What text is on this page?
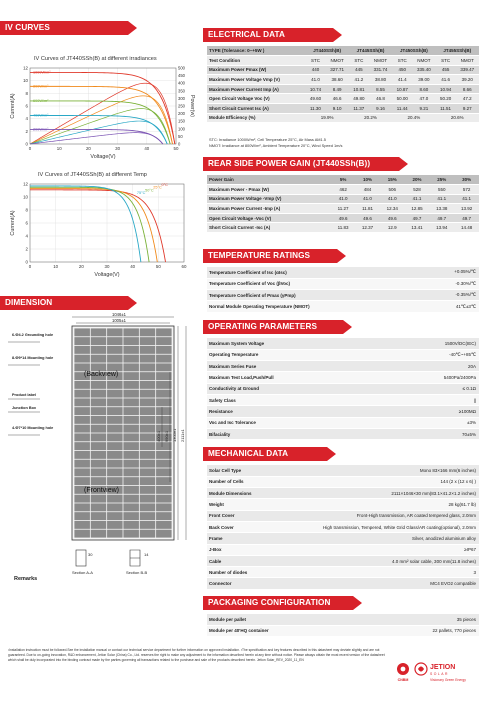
IV CURVES
IV Curves of JT440SSh(B) at different irradiances
0	10	20	30	40	50
0
2
4
6
8
10
12
0
50
100
150
200
250
300
350
400
450
500
Power(w)
Voltage(V)
Current(A)
1000W/m²
800W/m²
600W/m²
400W/m²
200W/m²
IV Curves of JT440SSh(B) at different Temp
0	10	20	30	40	50	60
0
2
4
6
8
10
12
Voltage(V)
Current(A)
0°C
25°C
50°C
75°C
DIMENSION
1046±1
1005±1
6-Φ4.2 Grounding hole
8-Φ9*14 Mounting hole
Product label
Junction Box
4-Φ7*10 Mounting hole
(Backview)
(Frontview)
400±1 990±1 1300±1 2111±1
30	14
Section A-A	Section B-B
Remarks
ELECTRICAL DATA
TYPE (Tolerance: 0~+5W )	JT440SSh(B)		JT445SSh(B)		JT450SSh(B)		JT455SSh(B)	
Test Condition	STC	NMOT	STC	NMOT	STC	NMOT	STC	NMOT
Maximum Power Pmax (W)	440	327.71	445	331.74	450	335.40	455	339.47
Maximum Power Voltage Vmp (V)	41.0	38.60	41.2	38.80	41.4	39.00	41.6	39.20
Maximum Power Current Imp (A)	10.74	8.49	10.81	8.55	10.87	8.60	10.94	8.66
Open Circuit Voltage Voc (V)	49.60	46.6	49.80	46.8	50.00	47.0	50.20	47.2
Short Circuit Current Isc (A)	11.30	9.10	11.37	9.16	11.44	9.21	11.51	9.27
Module Efficiency (%)	19.9%		20.2%		20.4%		20.6%	
STC: Irradiance 1000W/m², Cell Temperature 25°C, Air Mass AM1.5
NMOT: Irradiance at 800W/m², Ambient Temperature 20°C, Wind Speed 1m/s
REAR SIDE POWER GAIN (JT440SSh(B))
Power Gain	5%	10%	15%	20%	25%	30%
Maximum Power - Pmax (W)	462	484	506	528	550	572
Maximum Power Voltage -Vmp (V)	41.0	41.0	41.0	41.1	41.1	41.1
Maximum Power Current -Imp (A)	11.27	11.81	12.34	12.85	13.38	13.92
Open Circuit Voltage -Voc (V)	49.6	49.6	49.6	49.7	49.7	49.7
Short Circuit Current -Isc (A)	11.83	12.37	12.9	13.41	13.94	14.48
TEMPERATURE RATINGS
Temperature Coefficient of Isc (αIsc)	+0.05%/℃
Temperature Coefficient of Voc (βVoc)	-0.30%/℃
Temperature Coefficient of Pmax (γPmp)	-0.35%/℃
Normal Module Operating Temperature (NMOT)	41℃±3℃
OPERATING PARAMETERS
Maximum System Voltage	1500V/DC(IEC)
Operating Temperature	-40℃~+85℃
Maximum Series Fuse	20A
Maximum Test Load,Push/Pull	5400Pa/2400Pa
Conductivity at Ground	≤ 0.1Ω
Safety Class	||
Resistance	≥100MΩ
Voc and Isc Tolerance	±3%
Bifaciality	70±5%
MECHANICAL DATA
Solar Cell Type	Mono 83×166 mm(6 inches)
Number of Cells	144 (2 x (12 x 6) )
Module Dimensions	2111×1046×30 mm(83.1×41.2×1.2 inches)
Weight	28 kg(61.7 lb)
Front Cover	Front-High transmission, AR coated tempered glass, 2.0mm
Back Cover	High transmission, Tempered, White Grid Glass/AR coating(optional), 2.0mm
Frame	Silver, anodized aluminium alloy
J-Box	≥IP67
Cable	4.0 mm² solar cable, 300 mm(11.8 inches)
Number of diodes	3
Connector	MC4 EVO2 compatible
PACKAGING CONFIGURATION
Module per pallet	35 pieces
Module per 40'HQ container	22 pallets, 770 pieces
¹Installation instruction must be followed.See the installation manual or contact our technical service department for further information on approved installation. ²The specification and key features described in this datasheet may deviate slightly and are not guaranteed. Due to on-going innovation, R&D enhancement, Jetion Solar (China) Co., Ltd. reserves the right to make any adjustment to the information described herein at any time without notice. Please always obtain the most recent version of the datasheet which shall be duly incorporated into the binding contract made by the parties governing all transactions related to the purchase and sale of the products described herein. Jetion Solar_REV_2020_11_EN
CNBM
JETION
SOLAR
Visionary Green Energy
